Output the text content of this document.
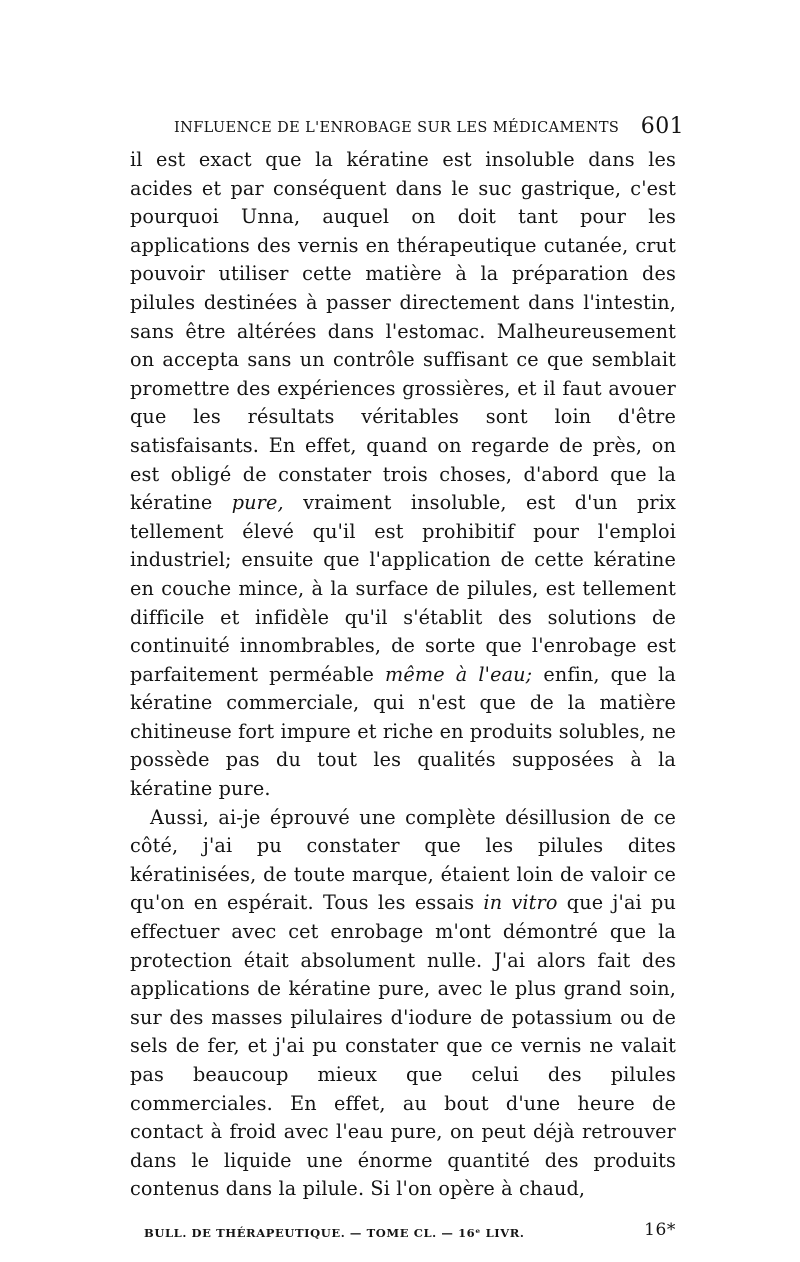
INFLUENCE DE L'ENROBAGE SUR LES MÉDICAMENTS 601

il est exact que la kératine est insoluble dans les acides et par conséquent dans le suc gastrique, c'est pourquoi Unna, auquel on doit tant pour les applications des vernis en thérapeutique cutanée, crut pouvoir utiliser cette matière à la préparation des pilules destinées à passer directement dans l'intestin, sans être altérées dans l'estomac. Malheureusement on accepta sans un contrôle suffisant ce que semblait promettre des expériences grossières, et il faut avouer que les résultats véritables sont loin d'être satisfaisants. En effet, quand on regarde de près, on est obligé de constater trois choses, d'abord que la kératine pure, vraiment insoluble, est d'un prix tellement élevé qu'il est prohibitif pour l'emploi industriel; ensuite que l'application de cette kératine en couche mince, à la surface de pilules, est tellement difficile et infidèle qu'il s'établit des solutions de continuité innombrables, de sorte que l'enrobage est parfaitement perméable même à l'eau; enfin, que la kératine commerciale, qui n'est que de la matière chitineuse fort impure et riche en produits solubles, ne possède pas du tout les qualités supposées à la kératine pure.

Aussi, ai-je éprouvé une complète désillusion de ce côté, j'ai pu constater que les pilules dites kératinisées, de toute marque, étaient loin de valoir ce qu'on en espérait. Tous les essais in vitro que j'ai pu effectuer avec cet enrobage m'ont démontré que la protection était absolument nulle. J'ai alors fait des applications de kératine pure, avec le plus grand soin, sur des masses pilulaires d'iodure de potassium ou de sels de fer, et j'ai pu constater que ce vernis ne valait pas beaucoup mieux que celui des pilules commerciales. En effet, au bout d'une heure de contact à froid avec l'eau pure, on peut déjà retrouver dans le liquide une énorme quantité des produits contenus dans la pilule. Si l'on opère à chaud,

BULL. DE THÉRAPEUTIQUE. — TOME CL. — 16ᵉ LIVR.	16*
